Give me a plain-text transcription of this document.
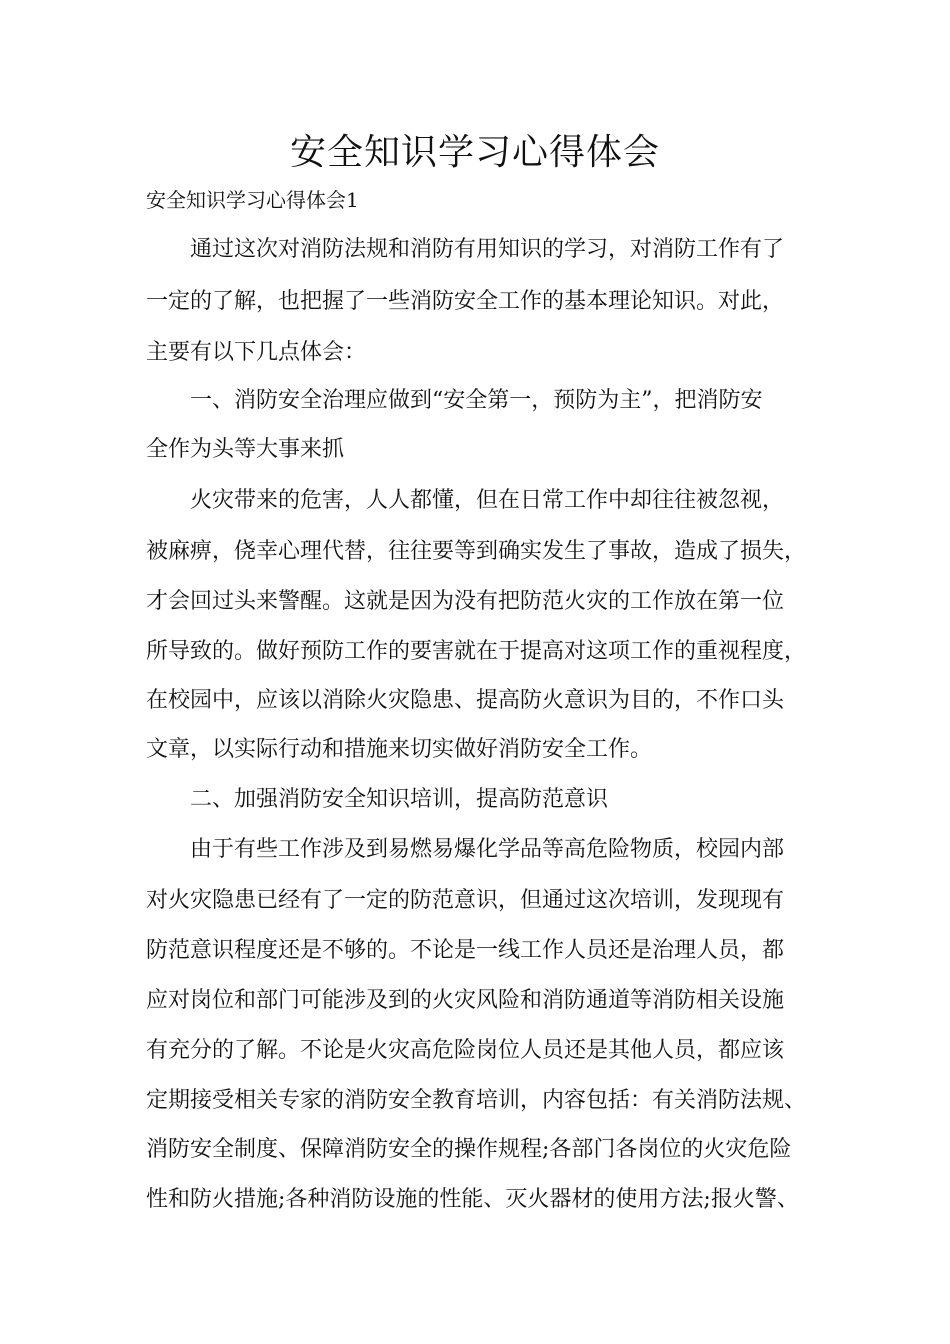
安全知识学习心得体会
安全知识学习心得体会1
通过这次对消防法规和消防有用知识的学习，对消防工作有了
一定的了解，也把握了一些消防安全工作的基本理论知识。对此，
主要有以下几点体会：
一、消防安全治理应做到“安全第一，预防为主”，把消防安
全作为头等大事来抓
火灾带来的危害，人人都懂，但在日常工作中却往往被忽视，
被麻痹，侥幸心理代替，往往要等到确实发生了事故，造成了损失，
才会回过头来警醒。这就是因为没有把防范火灾的工作放在第一位
所导致的。做好预防工作的要害就在于提高对这项工作的重视程度，
在校园中，应该以消除火灾隐患、提高防火意识为目的，不作口头
文章，以实际行动和措施来切实做好消防安全工作。
二、加强消防安全知识培训，提高防范意识
由于有些工作涉及到易燃易爆化学品等高危险物质，校园内部
对火灾隐患已经有了一定的防范意识，但通过这次培训，发现现有
防范意识程度还是不够的。不论是一线工作人员还是治理人员，都
应对岗位和部门可能涉及到的火灾风险和消防通道等消防相关设施
有充分的了解。不论是火灾高危险岗位人员还是其他人员，都应该
定期接受相关专家的消防安全教育培训，内容包括：有关消防法规、
消防安全制度、保障消防安全的操作规程;各部门各岗位的火灾危险
性和防火措施;各种消防设施的性能、灭火器材的使用方法;报火警、
